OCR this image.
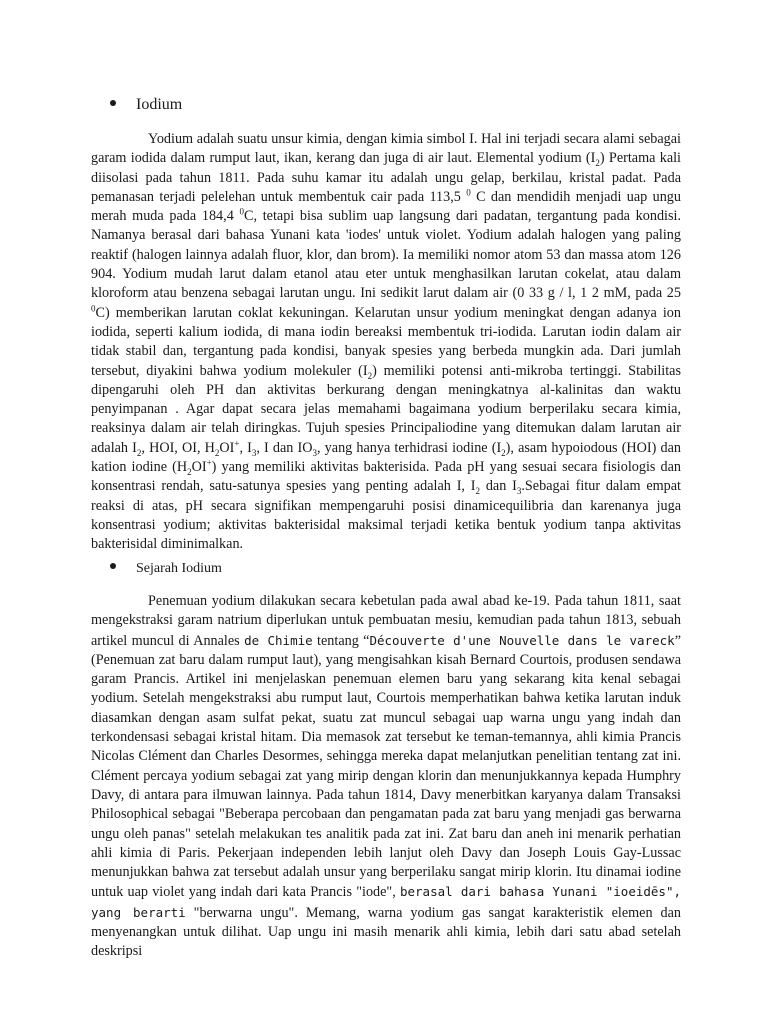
Iodium

Yodium adalah suatu unsur kimia, dengan kimia simbol I. Hal ini terjadi secara alami sebagai garam iodida dalam rumput laut, ikan, kerang dan juga di air laut. Elemental yodium $(I_2)$ Pertama kali diisolasi pada tahun 1811. Pada suhu kamar itu adalah ungu gelap, berkilau, kristal padat. Pada pemanasan terjadi pelelehan untuk membentuk cair pada 113,5 $^0$ C dan mendidih menjadi uap ungu merah muda pada 184,4 $^0$C, tetapi bisa sublim uap langsung dari padatan, tergantung pada kondisi. Namanya berasal dari bahasa Yunani kata 'iodes' untuk violet. Yodium adalah halogen yang paling reaktif (halogen lainnya adalah fluor, klor, dan brom). Ia memiliki nomor atom 53 dan massa atom 126 904. Yodium mudah larut dalam etanol atau eter untuk menghasilkan larutan cokelat, atau dalam kloroform atau benzena sebagai larutan ungu. Ini sedikit larut dalam air (0 33 g / l, 1 2 mM, pada 25 $^0$C) memberikan larutan coklat kekuningan. Kelarutan unsur yodium meningkat dengan adanya ion iodida, seperti kalium iodida, di mana iodin bereaksi membentuk tri-iodida. Larutan iodin dalam air tidak stabil dan, tergantung pada kondisi, banyak spesies yang berbeda mungkin ada. Dari jumlah tersebut, diyakini bahwa yodium molekuler $(I_2)$ memiliki potensi anti-mikroba tertinggi. Stabilitas dipengaruhi oleh PH dan aktivitas berkurang dengan meningkatnya al-kalinitas dan waktu penyimpanan . Agar dapat secara jelas memahami bagaimana yodium berperilaku secara kimia, reaksinya dalam air telah diringkas. Tujuh spesies Principaliodine yang ditemukan dalam larutan air adalah $I_2$, HOI, OI, $H_2OI^+$, $I_3$, I dan $IO_3$, yang hanya terhidrasi iodine $(I_2)$, asam hypoiodous (HOI) dan kation iodine $(H_2OI^+)$ yang memiliki aktivitas bakterisida. Pada pH yang sesuai secara fisiologis dan konsentrasi rendah, satu-satunya spesies yang penting adalah I, $I_2$ dan $I_3.Sebagai$ fitur dalam empat reaksi di atas, pH secara signifikan mempengaruhi posisi dinamicequilibria dan karenanya juga konsentrasi yodium; aktivitas bakterisidal maksimal terjadi ketika bentuk yodium tanpa aktivitas bakterisidal diminimalkan.

Sejarah Iodium

Penemuan yodium dilakukan secara kebetulan pada awal abad ke-19. Pada tahun 1811, saat mengekstraksi garam natrium diperlukan untuk pembuatan mesiu, kemudian pada tahun 1813, sebuah artikel muncul di Annales de Chimie tentang “Découverte d'une Nouvelle dans le vareck” (Penemuan zat baru dalam rumput laut), yang mengisahkan kisah Bernard Courtois, produsen sendawa garam Prancis. Artikel ini menjelaskan penemuan elemen baru yang sekarang kita kenal sebagai yodium. Setelah mengekstraksi abu rumput laut, Courtois memperhatikan bahwa ketika larutan induk diasamkan dengan asam sulfat pekat, suatu zat muncul sebagai uap warna ungu yang indah dan terkondensasi sebagai kristal hitam. Dia memasok zat tersebut ke teman-temannya, ahli kimia Prancis Nicolas Clément dan Charles Desormes, sehingga mereka dapat melanjutkan penelitian tentang zat ini. Clément percaya yodium sebagai zat yang mirip dengan klorin dan menunjukkannya kepada Humphry Davy, di antara para ilmuwan lainnya. Pada tahun 1814, Davy menerbitkan karyanya dalam Transaksi Philosophical sebagai "Beberapa percobaan dan pengamatan pada zat baru yang menjadi gas berwarna ungu oleh panas" setelah melakukan tes analitik pada zat ini. Zat baru dan aneh ini menarik perhatian ahli kimia di Paris. Pekerjaan independen lebih lanjut oleh Davy dan Joseph Louis Gay-Lussac menunjukkan bahwa zat tersebut adalah unsur yang berperilaku sangat mirip klorin. Itu dinamai iodine untuk uap violet yang indah dari kata Prancis "iode", berasal dari bahasa Yunani "ioeidēs", yang berarti "berwarna ungu". Memang, warna yodium gas sangat karakteristik elemen dan menyenangkan untuk dilihat. Uap ungu ini masih menarik ahli kimia, lebih dari satu abad setelah deskripsi
